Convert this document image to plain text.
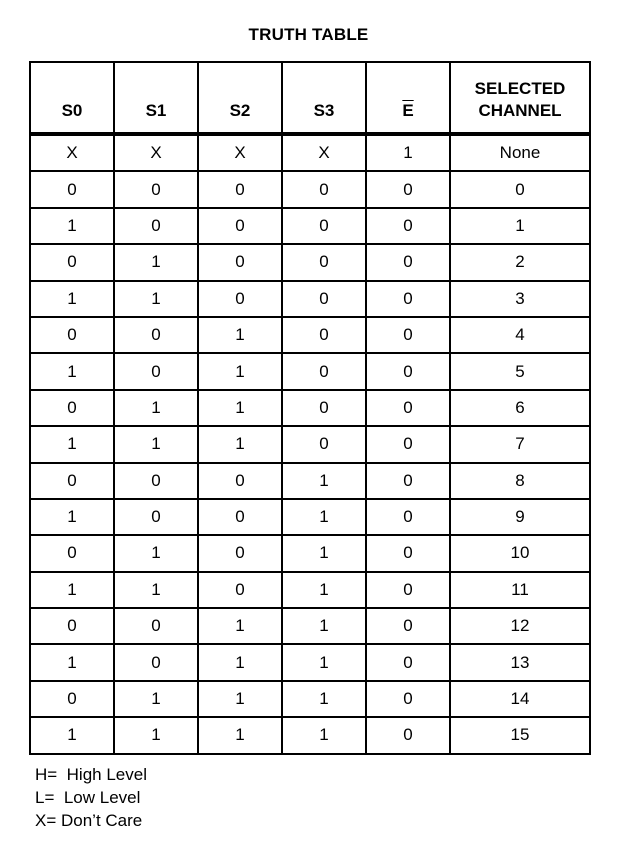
TRUTH TABLE
S0	S1	S2	S3	$\overline{E}$	SELECTED
CHANNEL

X	X	X	X	1	None
0	0	0	0	0	0
1	0	0	0	0	1
0	1	0	0	0	2
1	1	0	0	0	3
0	0	1	0	0	4
1	0	1	0	0	5
0	1	1	0	0	6
1	1	1	0	0	7
0	0	0	1	0	8
1	0	0	1	0	9
0	1	0	1	0	10
1	1	0	1	0	11
0	0	1	1	0	12
1	0	1	1	0	13
0	1	1	1	0	14
1	1	1	1	0	15
H=  High Level
L=  Low Level
X= Don’t Care
